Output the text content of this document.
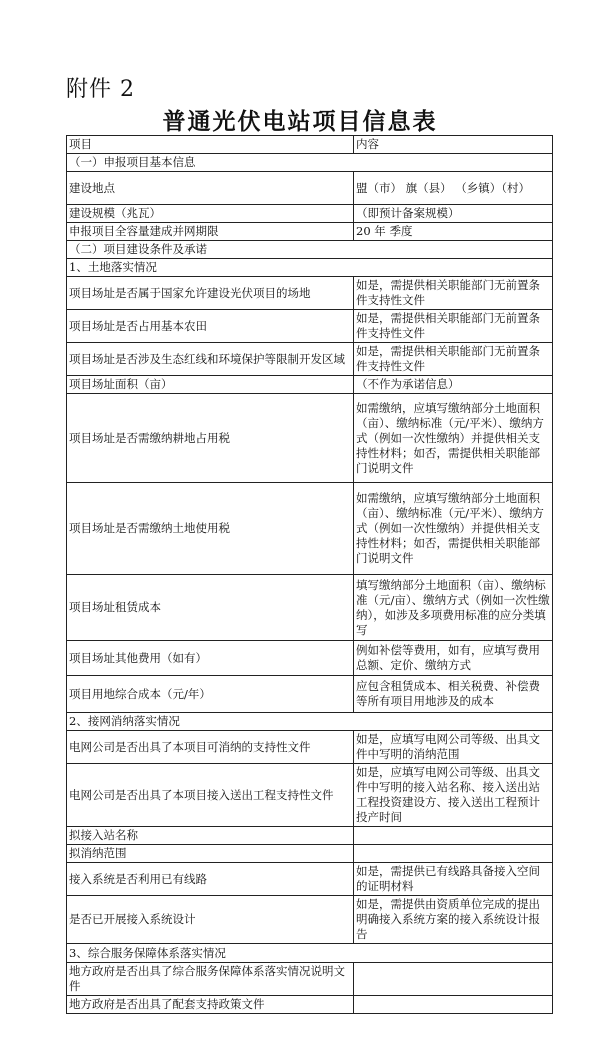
附件 2
普通光伏电站项目信息表
项目	内容
（一）申报项目基本信息	
建设地点	盟（市） 旗（县） （乡镇）（村）
建设规模（兆瓦）	（即预计备案规模）
申报项目全容量建成并网期限	20 年 季度
（二）项目建设条件及承诺	
1、土地落实情况	
项目场址是否属于国家允许建设光伏项目的场地	如是，需提供相关职能部门无前置条件支持性文件
项目场址是否占用基本农田	如是，需提供相关职能部门无前置条件支持性文件
项目场址是否涉及生态红线和环境保护等限制开发区域	如是，需提供相关职能部门无前置条件支持性文件
项目场址面积（亩）	（不作为承诺信息）
项目场址是否需缴纳耕地占用税	如需缴纳，应填写缴纳部分土地面积（亩）、缴纳标准（元/平米）、缴纳方式（例如一次性缴纳）并提供相关支持性材料；如否，需提供相关职能部门说明文件
项目场址是否需缴纳土地使用税	如需缴纳，应填写缴纳部分土地面积（亩）、缴纳标准（元/平米）、缴纳方式（例如一次性缴纳）并提供相关支持性材料；如否，需提供相关职能部门说明文件
项目场址租赁成本	填写缴纳部分土地面积（亩）、缴纳标准（元/亩）、缴纳方式（例如一次性缴纳），如涉及多项费用标准的应分类填写
项目场址其他费用（如有）	例如补偿等费用，如有，应填写费用总额、定价、缴纳方式
项目用地综合成本（元/年）	应包含租赁成本、相关税费、补偿费等所有项目用地涉及的成本
2、接网消纳落实情况	
电网公司是否出具了本项目可消纳的支持性文件	如是，应填写电网公司等级、出具文件中写明的消纳范围
电网公司是否出具了本项目接入送出工程支持性文件	如是，应填写电网公司等级、出具文件中写明的接入站名称、接入送出站工程投资建设方、接入送出工程预计投产时间
拟接入站名称	
拟消纳范围	
接入系统是否利用已有线路	如是，需提供已有线路具备接入空间的证明材料
是否已开展接入系统设计	如是，需提供由资质单位完成的提出明确接入系统方案的接入系统设计报告
3、综合服务保障体系落实情况	
地方政府是否出具了综合服务保障体系落实情况说明文件	
地方政府是否出具了配套支持政策文件	
